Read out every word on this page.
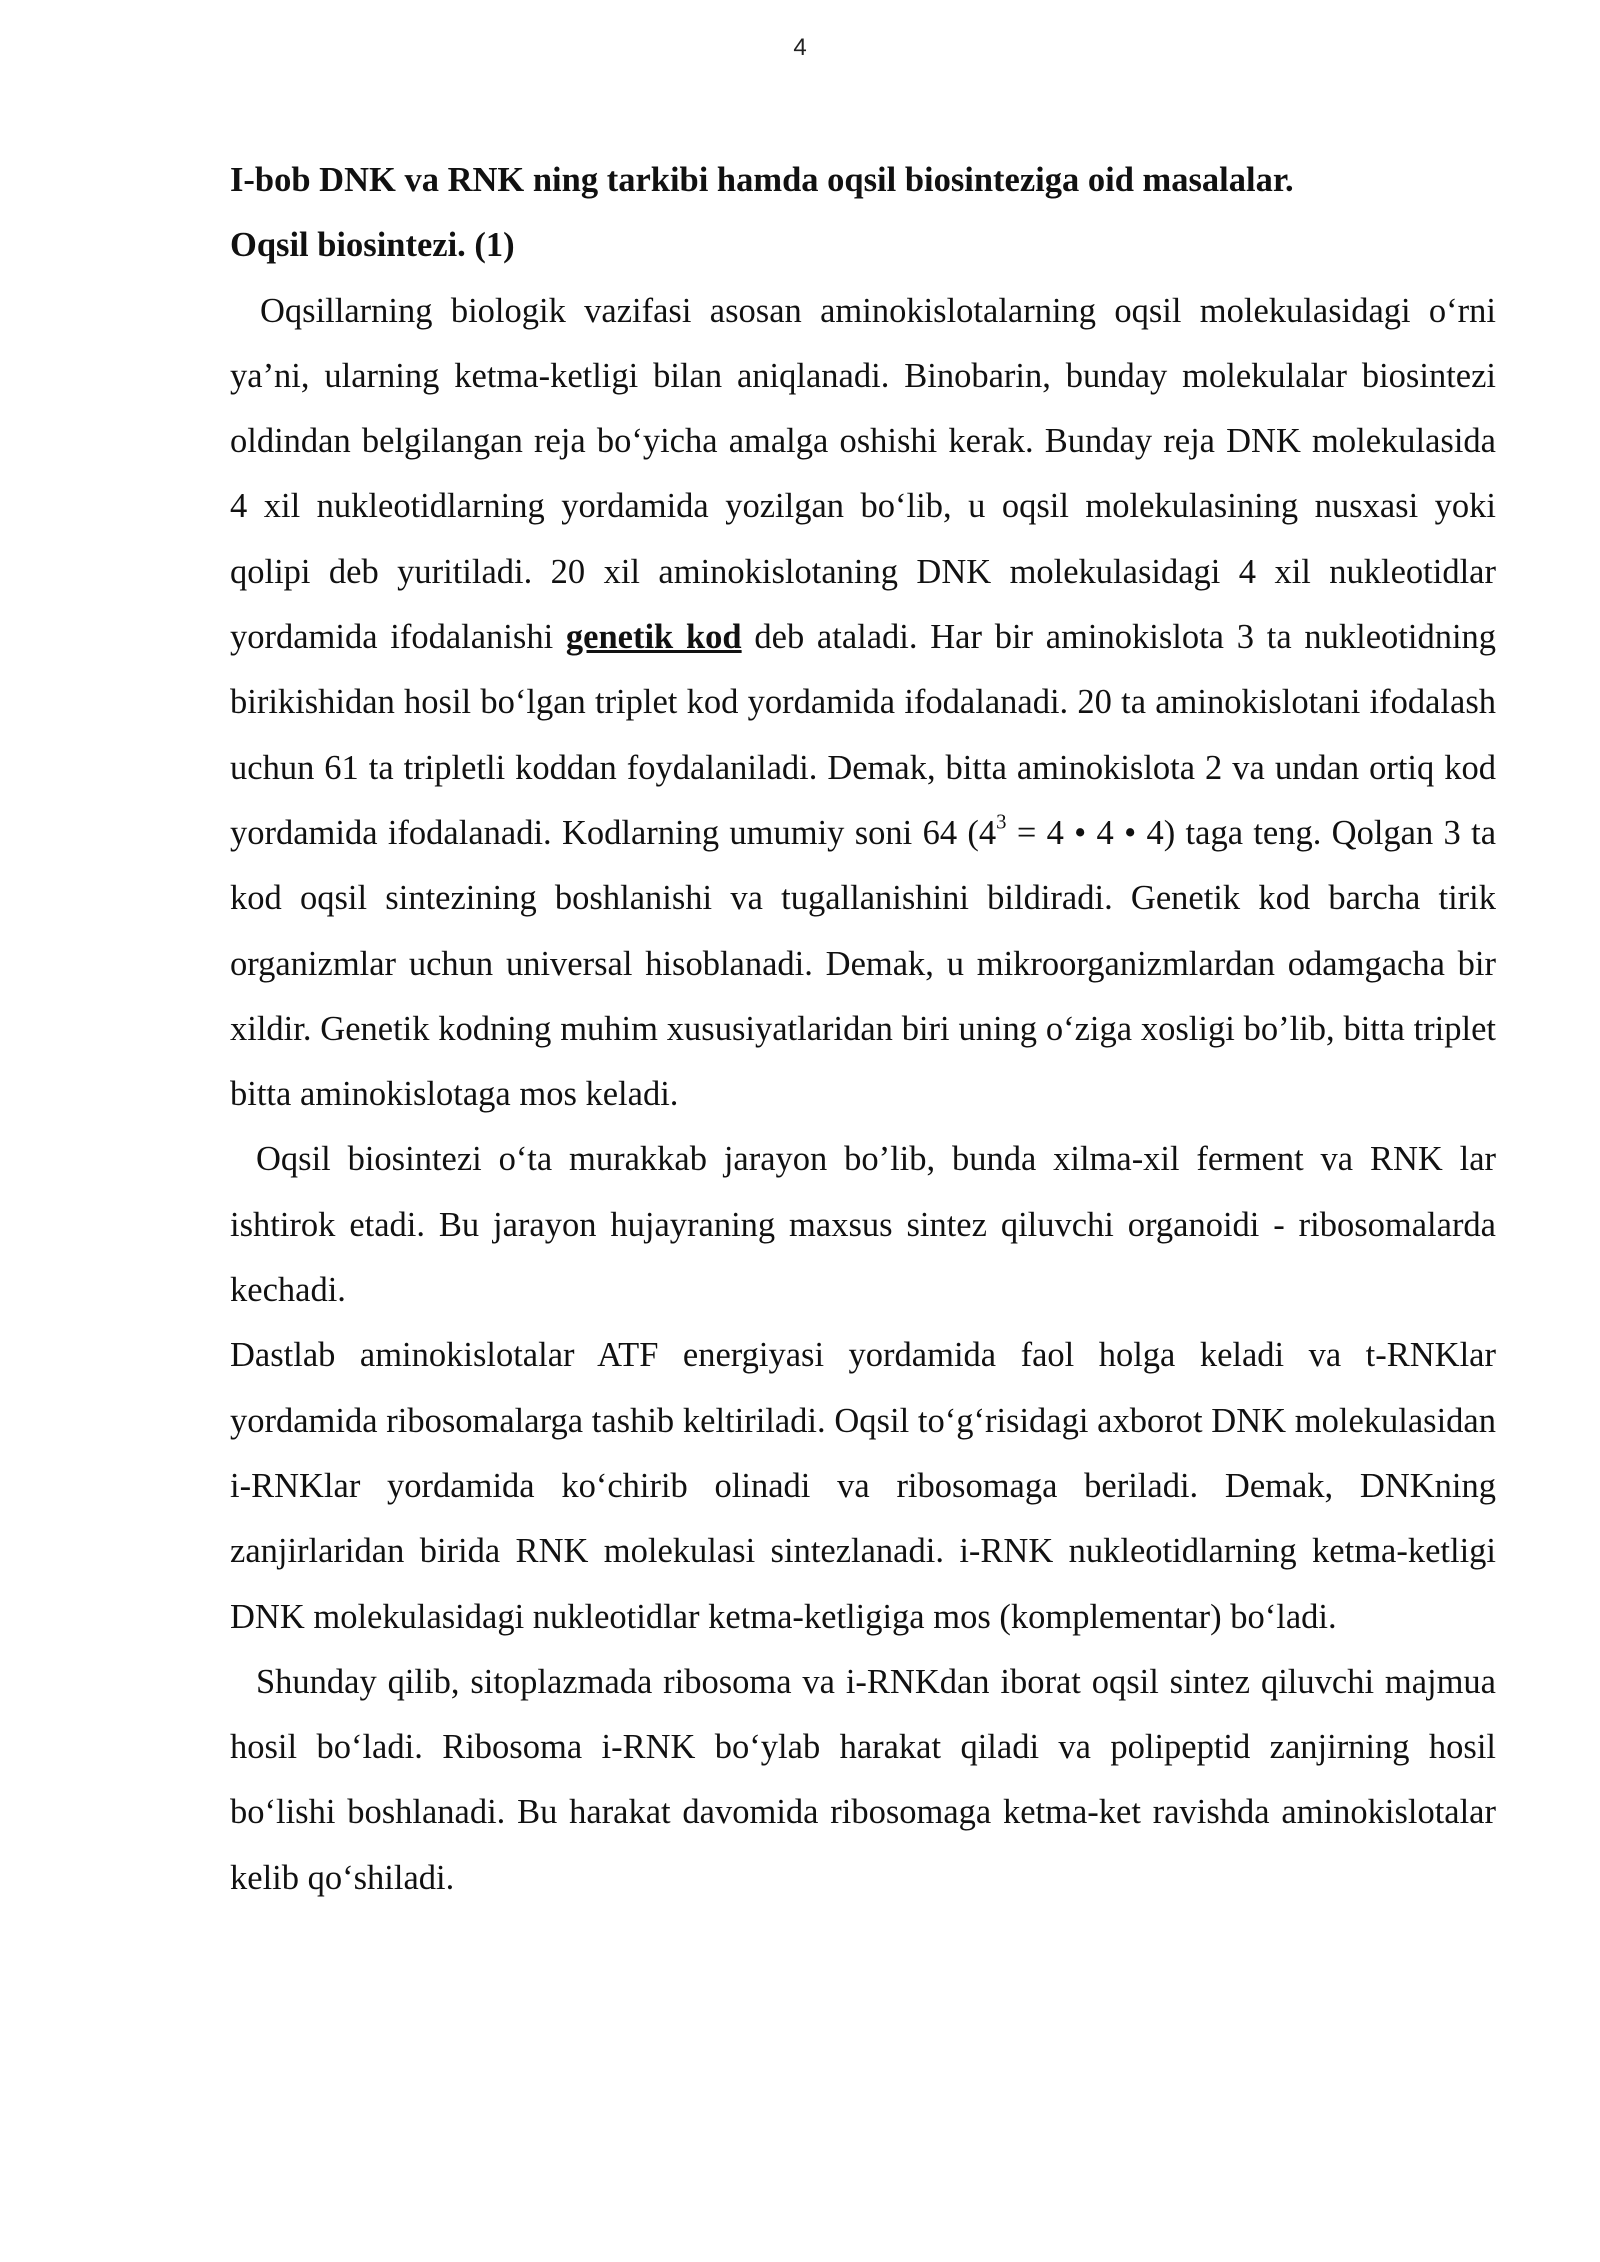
4
I-bob DNK va RNK ning tarkibi hamda oqsil biosinteziga oid masalalar.
Oqsil biosintezi. (1)

Oqsillarning biologik vazifasi asosan aminokislotalarning oqsil molekulasidagi o‘rni ya’ni, ularning ketma-ketligi bilan aniqlanadi. Binobarin, bunday molekulalar biosintezi oldindan belgilangan reja bo‘yicha amalga oshishi kerak. Bunday reja DNK molekulasida 4 xil nukleotidlarning yordamida yozilgan bo‘lib, u oqsil molekulasining nusxasi yoki qolipi deb yuritiladi. 20 xil aminokislotaning DNK molekulasidagi 4 xil nukleotidlar yordamida ifodalanishi genetik kod deb ataladi. Har bir aminokislota 3 ta nukleotidning birikishidan hosil bo‘lgan triplet kod yordamida ifodalanadi. 20 ta aminokislotani ifodalash uchun 61 ta tripletli koddan foydalaniladi. Demak, bitta aminokislota 2 va undan ortiq kod yordamida ifodalanadi. Kodlarning umumiy soni 64 ($4^3 = 4$ • 4 • 4) taga teng. Qolgan 3 ta kod oqsil sintezining boshlanishi va tugallanishini bildiradi. Genetik kod barcha tirik organizmlar uchun universal hisoblanadi. Demak, u mikroorganizmlardan odamgacha bir xildir. Genetik kodning muhim xususiyatlaridan biri uning o‘ziga xosligi bo’lib, bitta triplet bitta aminokislotaga mos keladi.

Oqsil biosintezi o‘ta murakkab jarayon bo’lib, bunda xilma-xil ferment va RNK lar ishtirok etadi. Bu jarayon hujayraning maxsus sintez qiluvchi organoidi - ribosomalarda kechadi.

Dastlab aminokislotalar ATF energiyasi yordamida faol holga keladi va t-RNKlar yordamida ribosomalarga tashib keltiriladi. Oqsil to‘g‘risidagi axborot DNK molekulasidan i-RNKlar yordamida ko‘chirib olinadi va ribosomaga beriladi. Demak, DNKning zanjirlaridan birida RNK molekulasi sintezlanadi. i-RNK nukleotidlarning ketma-ketligi DNK molekulasidagi nukleotidlar ketma-ketligiga mos (komplementar) bo‘ladi.

Shunday qilib, sitoplazmada ribosoma va i-RNKdan iborat oqsil sintez qiluvchi majmua hosil bo‘ladi. Ribosoma i-RNK bo‘ylab harakat qiladi va polipeptid zanjirning hosil bo‘lishi boshlanadi. Bu harakat davomida ribosomaga ketma-ket ravishda aminokislotalar kelib qo‘shiladi.
